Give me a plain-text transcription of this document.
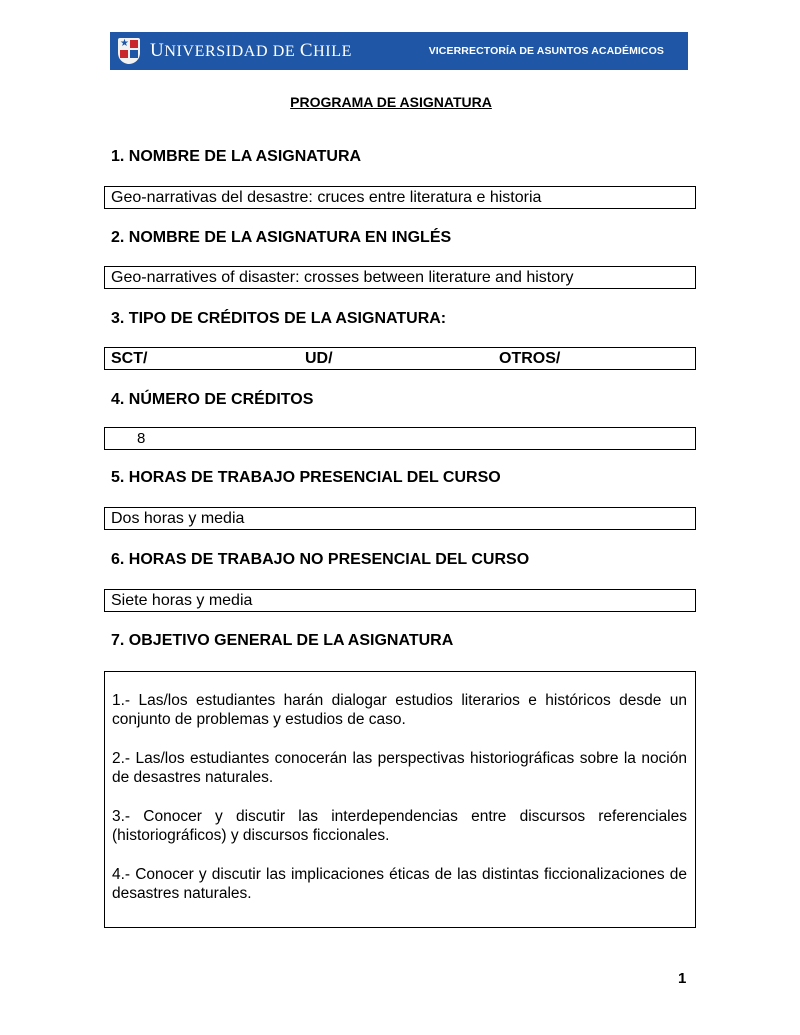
★ UNIVERSIDAD DE CHILE	VICERRECTORÍA DE ASUNTOS ACADÉMICOS
PROGRAMA DE ASIGNATURA
1. NOMBRE DE LA ASIGNATURA
Geo-narrativas del desastre: cruces entre literatura e historia
2. NOMBRE DE LA ASIGNATURA EN INGLÉS
Geo-narratives of disaster: crosses between literature and history
3. TIPO DE CRÉDITOS DE LA ASIGNATURA:
SCT/	UD/	OTROS/
4. NÚMERO DE CRÉDITOS
8
5. HORAS DE TRABAJO PRESENCIAL DEL CURSO
Dos horas y media
6. HORAS DE TRABAJO NO PRESENCIAL DEL CURSO
Siete horas y media
7. OBJETIVO GENERAL DE LA ASIGNATURA

1.- Las/los estudiantes harán dialogar estudios literarios e históricos desde un conjunto de problemas y estudios de caso.

2.- Las/los estudiantes conocerán las perspectivas historiográficas sobre la noción de desastres naturales.

3.- Conocer y discutir las interdependencias entre discursos referenciales (historiográficos) y discursos ficcionales.

4.- Conocer y discutir las implicaciones éticas de las distintas ficcionalizaciones de desastres naturales.

1
